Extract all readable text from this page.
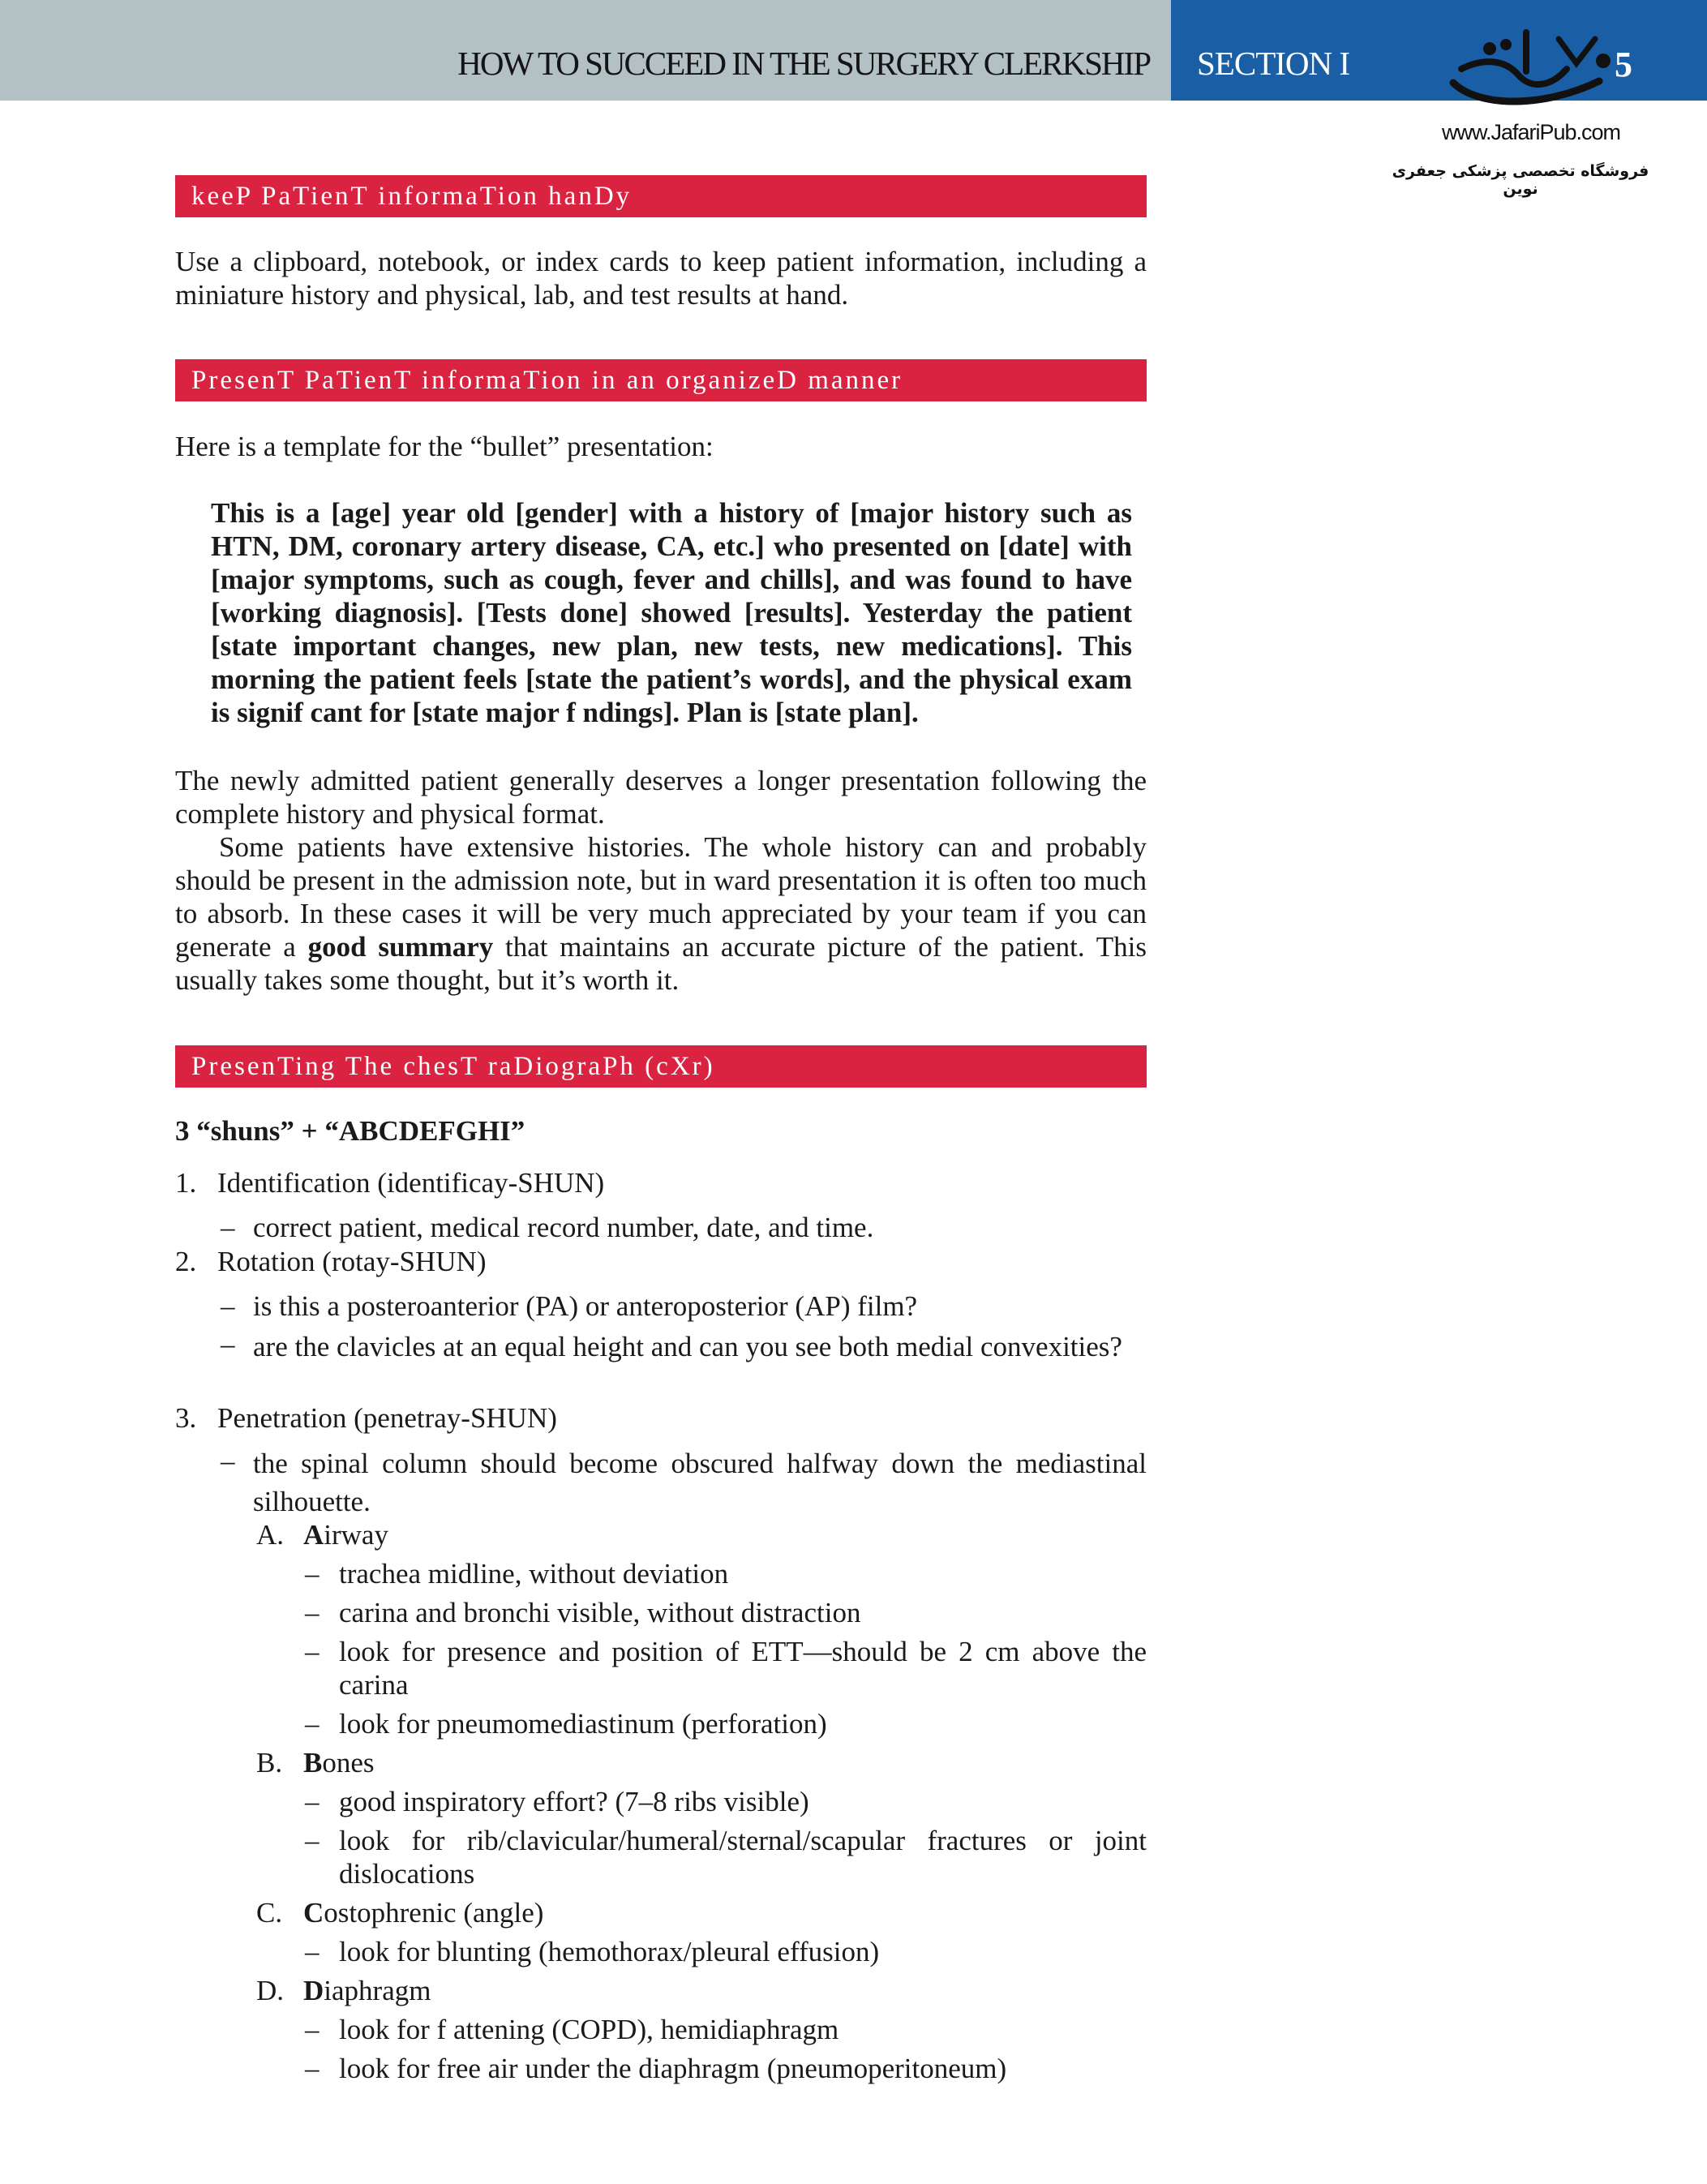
HOW TO SUCCEED IN THE SURGERY CLERKSHIP SECTION I	5
www.JafariPub.com
فروشگاه تخصصی پزشکی جعفری نوین
keeP PaTienT informaTion hanDy
Use a clipboard, notebook, or index cards to keep patient information, including a miniature history and physical, lab, and test results at hand.
PresenT PaTienT informaTion in an organizeD manner
Here is a template for the “bullet” presentation:
This is a [age] year old [gender] with a history of [major history such as HTN, DM, coronary artery disease, CA, etc.] who presented on [date] with [major symptoms, such as cough, fever and chills], and was found to have [working diagnosis]. [Tests done] showed [results]. Yesterday the patient [state important changes, new plan, new tests, new medications]. This morning the patient feels [state the patient’s words], and the physical exam is signif cant for [state major f ndings]. Plan is [state plan].
The newly admitted patient generally deserves a longer presentation following the complete history and physical format.
Some patients have extensive histories. The whole history can and probably should be present in the admission note, but in ward presentation it is often too much to absorb. In these cases it will be very much appreciated by your team if you can generate a good summary that maintains an accurate picture of the patient. This usually takes some thought, but it’s worth it.
PresenTing The chesT raDiograPh (cXr)
3 “shuns” + “ABCDEFGHI”
1. Identification (identificay-SHUN)
– correct patient, medical record number, date, and time.
2. Rotation (rotay-SHUN)
– is this a posteroanterior (PA) or anteroposterior (AP) film?
– are the clavicles at an equal height and can you see both medial convexities?
3. Penetration (penetray-SHUN)
– the spinal column should become obscured halfway down the mediastinal silhouette.
A. Airway
– trachea midline, without deviation
– carina and bronchi visible, without distraction
– look for presence and position of ETT—should be 2 cm above the carina
– look for pneumomediastinum (perforation)
B. Bones
– good inspiratory effort? (7–8 ribs visible)
– look for rib/clavicular/humeral/sternal/scapular fractures or joint dislocations
C. Costophrenic (angle)
– look for blunting (hemothorax/pleural effusion)
D. Diaphragm
– look for f attening (COPD), hemidiaphragm
– look for free air under the diaphragm (pneumoperitoneum)
